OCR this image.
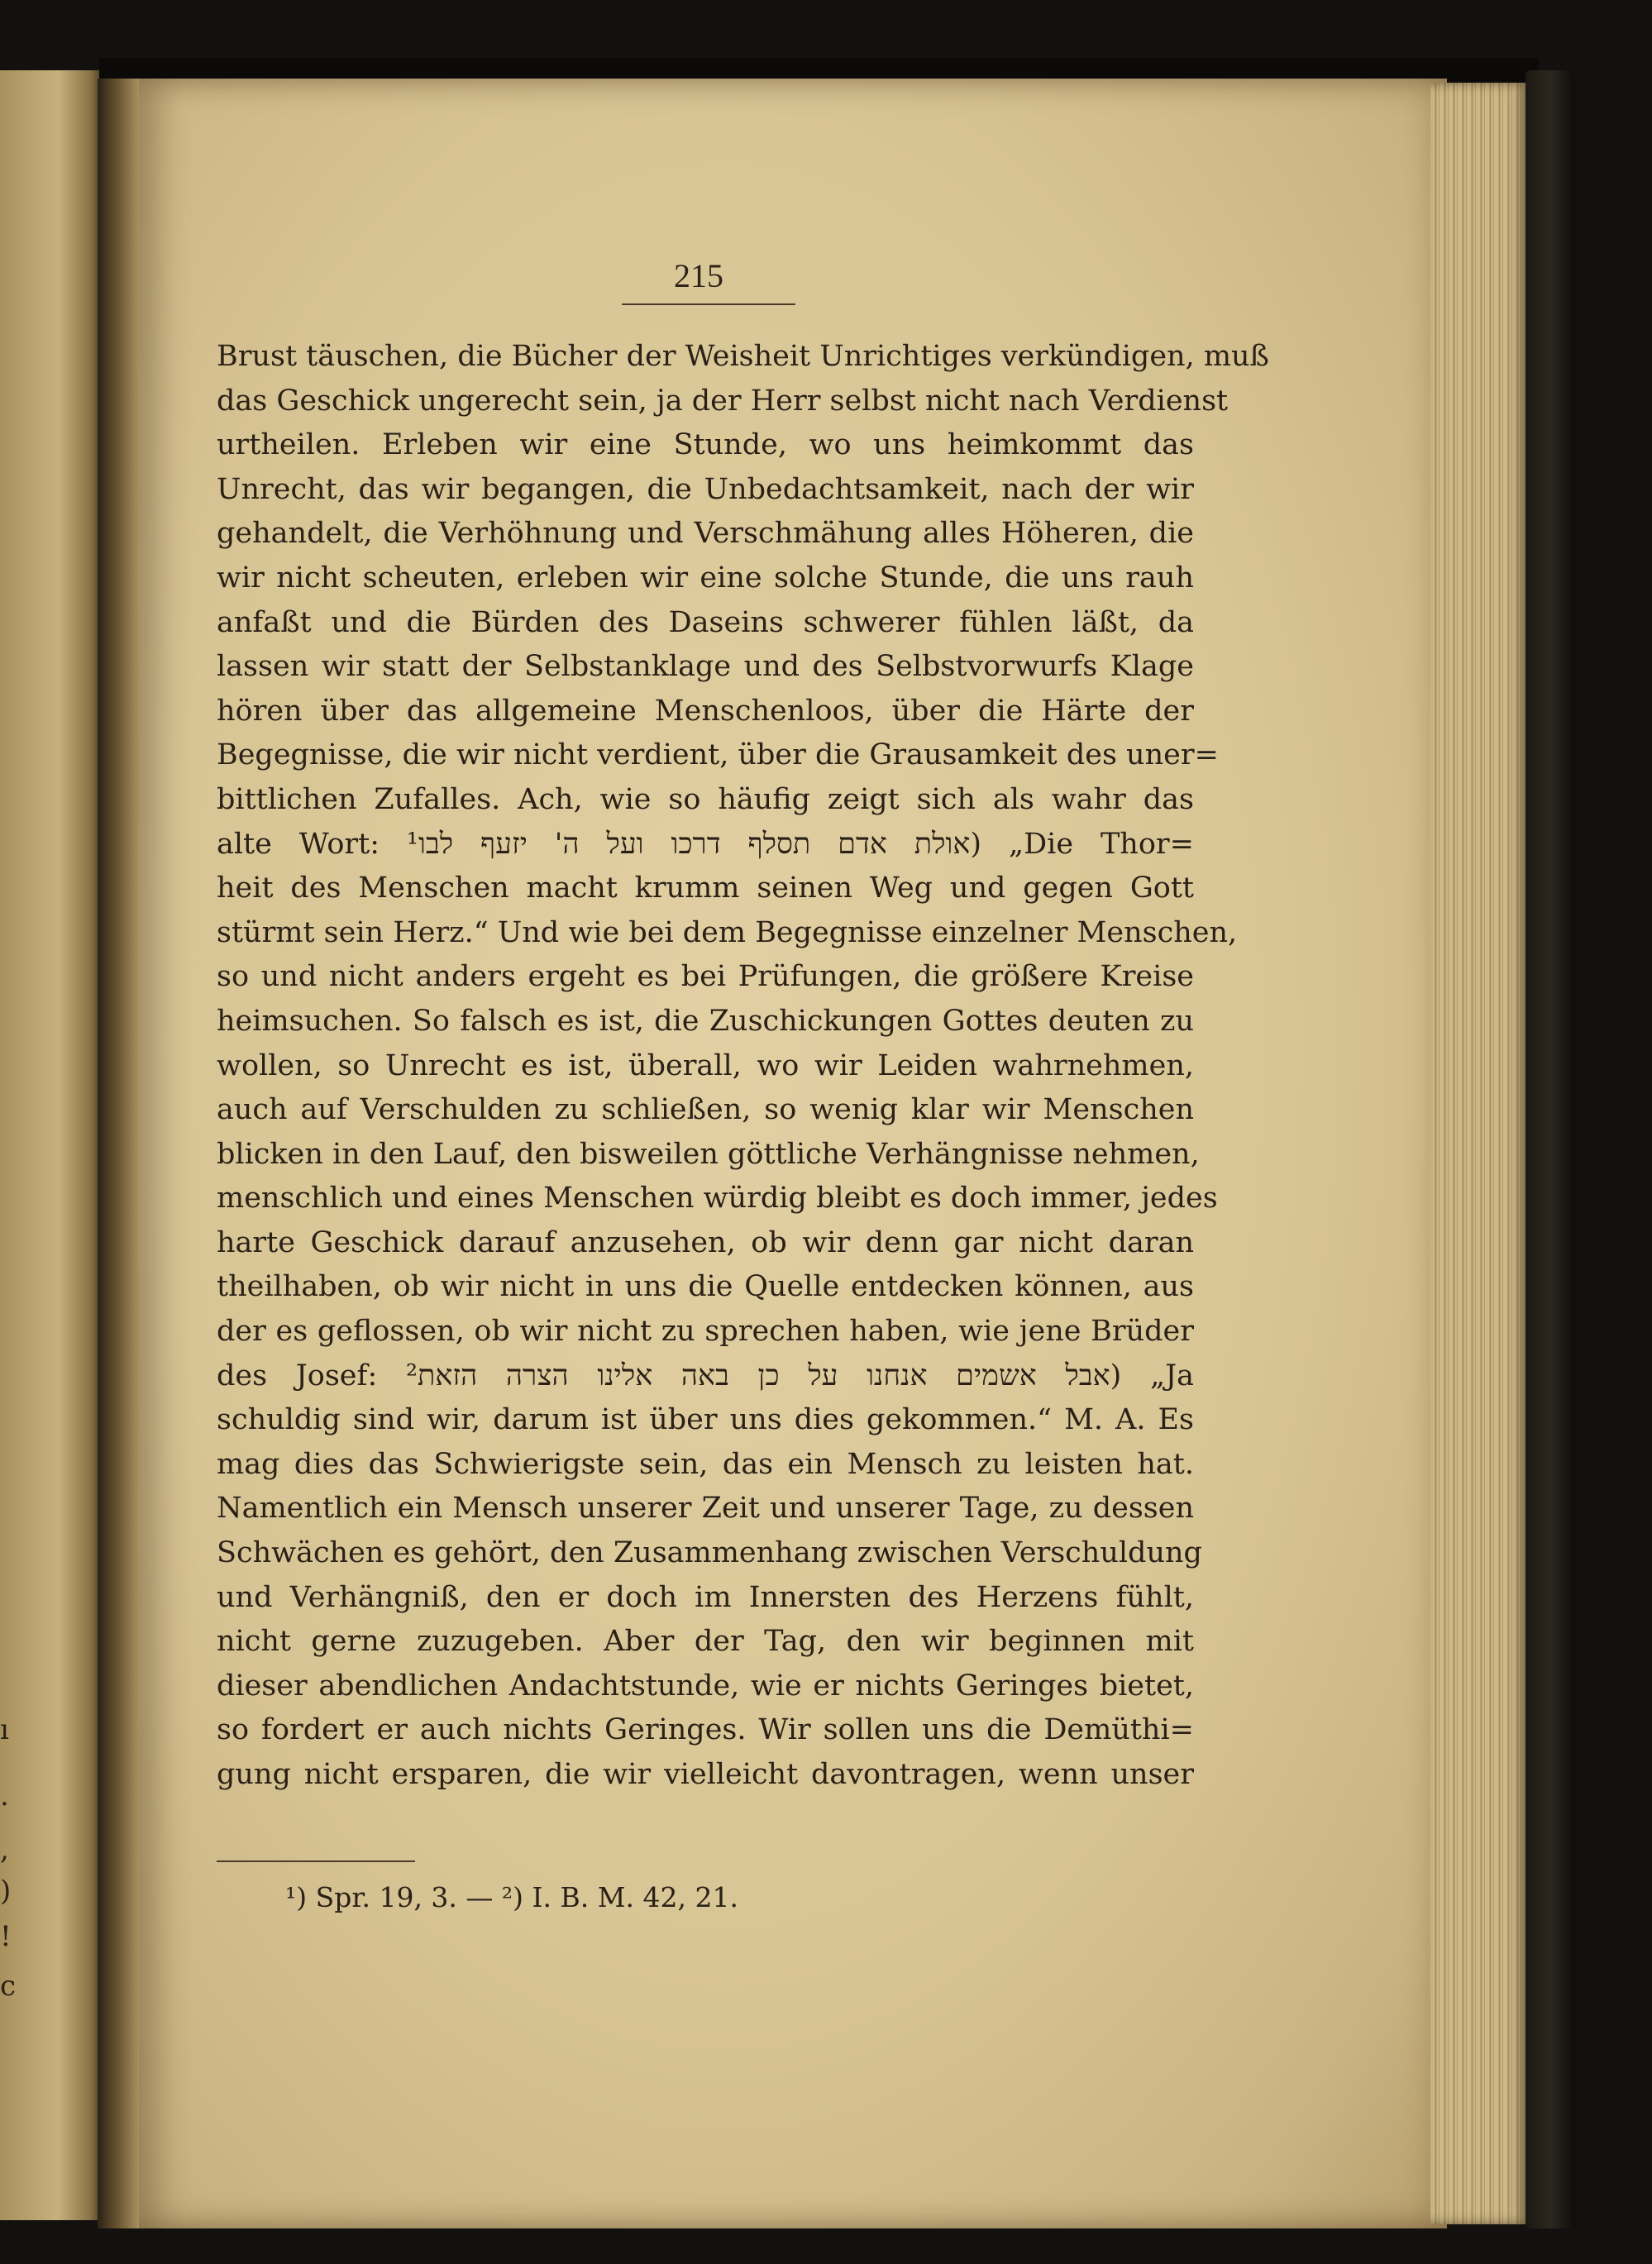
ı
.
,
)
!
c
215
Brust täuschen, die Bücher der Weisheit Unrichtiges verkündigen, muß
das Geschick ungerecht sein, ja der Herr selbst nicht nach Verdienst
urtheilen. Erleben wir eine Stunde, wo uns heimkommt das
Unrecht, das wir begangen, die Unbedachtsamkeit, nach der wir
gehandelt, die Verhöhnung und Verschmähung alles Höheren, die
wir nicht scheuten, erleben wir eine solche Stunde, die uns rauh
anfaßt und die Bürden des Daseins schwerer fühlen läßt, da
lassen wir statt der Selbstanklage und des Selbstvorwurfs Klage
hören über das allgemeine Menschenloos, über die Härte der
Begegnisse, die wir nicht verdient, über die Grausamkeit des uner=
bittlichen Zufalles. Ach, wie so häufig zeigt sich als wahr das
alte Wort: אולת אדם תסלף דרכו ועל ה' יזעף לבו¹) „Die Thor=
heit des Menschen macht krumm seinen Weg und gegen Gott
stürmt sein Herz.“ Und wie bei dem Begegnisse einzelner Menschen,
so und nicht anders ergeht es bei Prüfungen, die größere Kreise
heimsuchen. So falsch es ist, die Zuschickungen Gottes deuten zu
wollen, so Unrecht es ist, überall, wo wir Leiden wahrnehmen,
auch auf Verschulden zu schließen, so wenig klar wir Menschen
blicken in den Lauf, den bisweilen göttliche Verhängnisse nehmen,
menschlich und eines Menschen würdig bleibt es doch immer, jedes
harte Geschick darauf anzusehen, ob wir denn gar nicht daran
theilhaben, ob wir nicht in uns die Quelle entdecken können, aus
der es geflossen, ob wir nicht zu sprechen haben, wie jene Brüder
des Josef: אבל אשמים אנחנו על כן באה אלינו הצרה הזאת²) „Ja
schuldig sind wir, darum ist über uns dies gekommen.“ M. A. Es
mag dies das Schwierigste sein, das ein Mensch zu leisten hat.
Namentlich ein Mensch unserer Zeit und unserer Tage, zu dessen
Schwächen es gehört, den Zusammenhang zwischen Verschuldung
und Verhängniß, den er doch im Innersten des Herzens fühlt,
nicht gerne zuzugeben. Aber der Tag, den wir beginnen mit
dieser abendlichen Andachtstunde, wie er nichts Geringes bietet,
so fordert er auch nichts Geringes. Wir sollen uns die Demüthi=
gung nicht ersparen, die wir vielleicht davontragen, wenn unser
¹) Spr. 19, 3. — ²) I. B. M. 42, 21.
